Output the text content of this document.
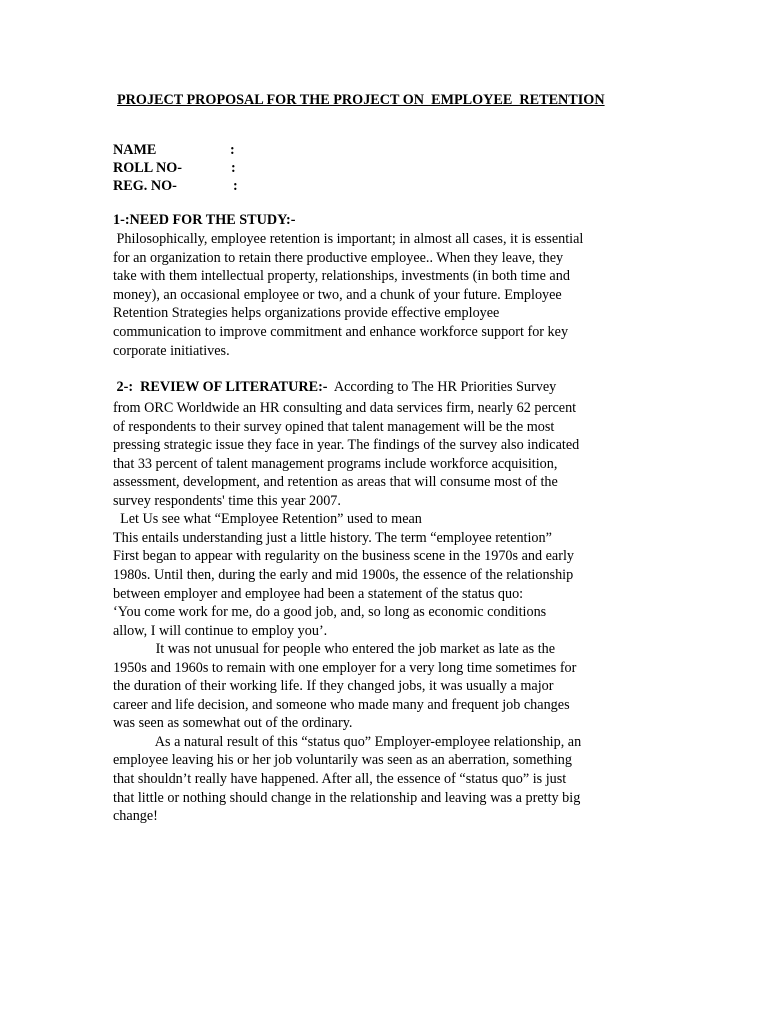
PROJECT PROPOSAL FOR THE PROJECT ON  EMPLOYEE  RETENTION
NAME	:
ROLL NO-	:
REG. NO-	:
1-:NEED FOR THE STUDY:-
Philosophically, employee retention is important; in almost all cases, it is essential
for an organization to retain there productive employee.. When they leave, they
take with them intellectual property, relationships, investments (in both time and
money), an occasional employee or two, and a chunk of your future. Employee
Retention Strategies helps organizations provide effective employee
communication to improve commitment and enhance workforce support for key
corporate initiatives.
2-:  REVIEW OF LITERATURE:-  According to The HR Priorities Survey
from ORC Worldwide an HR consulting and data services firm, nearly 62 percent
of respondents to their survey opined that talent management will be the most
pressing strategic issue they face in year. The findings of the survey also indicated
that 33 percent of talent management programs include workforce acquisition,
assessment, development, and retention as areas that will consume most of the
survey respondents' time this year 2007.
Let Us see what “Employee Retention” used to mean
This entails understanding just a little history. The term “employee retention”
First began to appear with regularity on the business scene in the 1970s and early
1980s. Until then, during the early and mid 1900s, the essence of the relationship
between employer and employee had been a statement of the status quo:
‘You come work for me, do a good job, and, so long as economic conditions
allow, I will continue to employ you’.
It was not unusual for people who entered the job market as late as the
1950s and 1960s to remain with one employer for a very long time sometimes for
the duration of their working life. If they changed jobs, it was usually a major
career and life decision, and someone who made many and frequent job changes
was seen as somewhat out of the ordinary.
As a natural result of this “status quo” Employer-employee relationship, an
employee leaving his or her job voluntarily was seen as an aberration, something
that shouldn’t really have happened. After all, the essence of “status quo” is just
that little or nothing should change in the relationship and leaving was a pretty big
change!
